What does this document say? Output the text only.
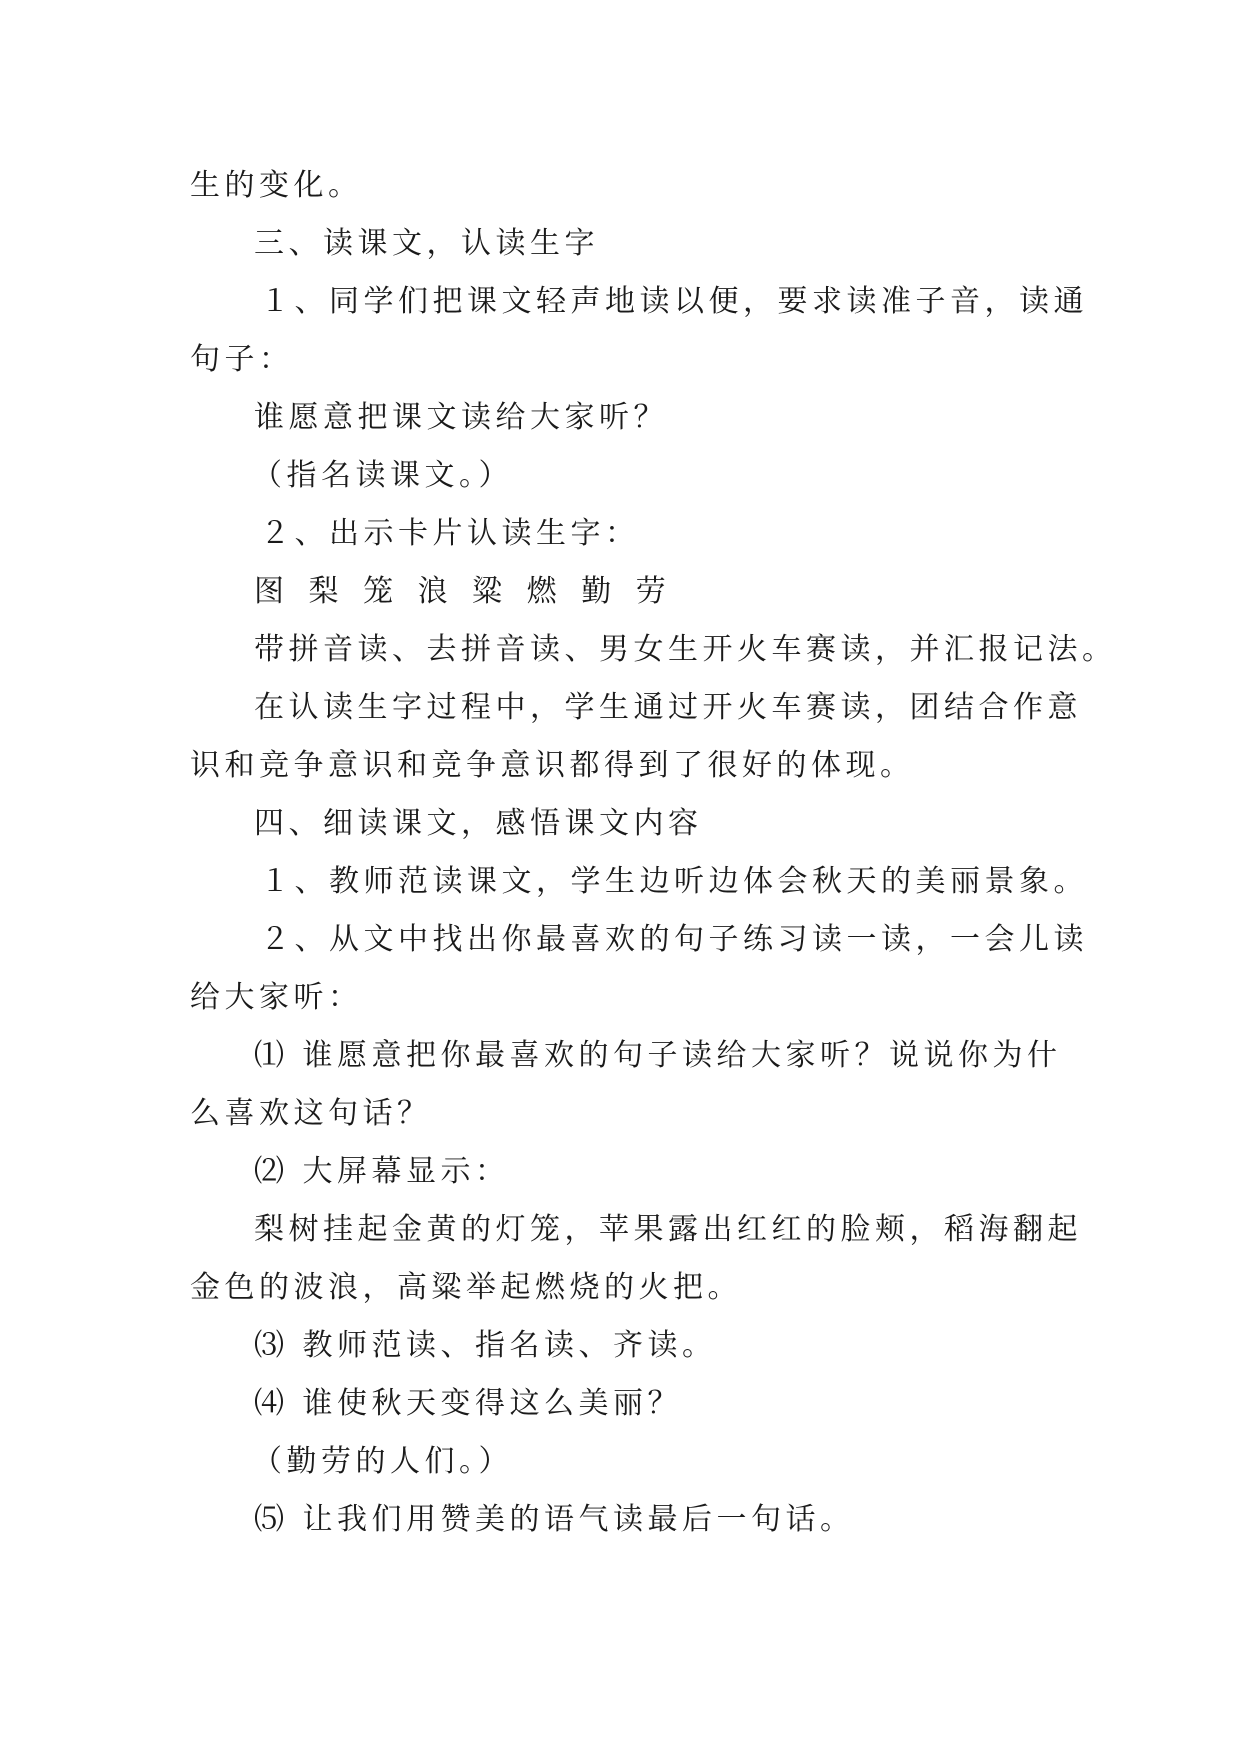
生的变化。
三、读课文，认读生字
１、同学们把课文轻声地读以便，要求读准子音，读通
句子：
谁愿意把课文读给大家听？
（指名读课文。）
２、出示卡片认读生字：
图 梨 笼 浪 粱 燃 勤 劳
带拼音读、去拼音读、男女生开火车赛读，并汇报记法。
在认读生字过程中，学生通过开火车赛读，团结合作意
识和竞争意识和竞争意识都得到了很好的体现。
四、细读课文，感悟课文内容
１、教师范读课文，学生边听边体会秋天的美丽景象。
２、从文中找出你最喜欢的句子练习读一读，一会儿读
给大家听：
⑴ 谁愿意把你最喜欢的句子读给大家听？说说你为什
么喜欢这句话？
⑵ 大屏幕显示：
梨树挂起金黄的灯笼，苹果露出红红的脸颊，稻海翻起
金色的波浪，高粱举起燃烧的火把。
⑶ 教师范读、指名读、齐读。
⑷ 谁使秋天变得这么美丽？
（勤劳的人们。）
⑸ 让我们用赞美的语气读最后一句话。
